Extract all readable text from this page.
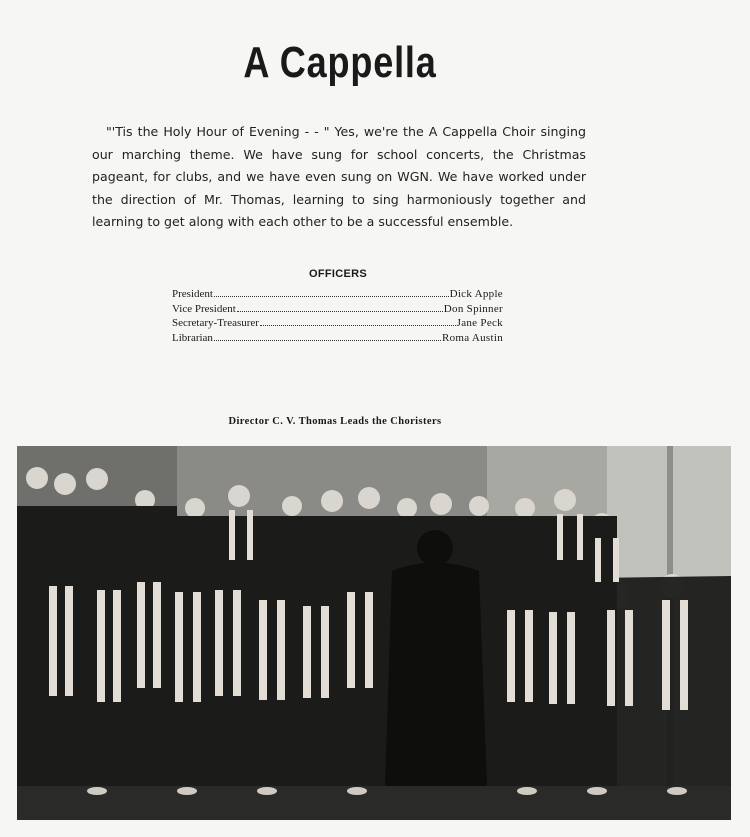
A Cappella
"'Tis the Holy Hour of Evening - - " Yes, we're the A Cappella Choir singing our marching theme. We have sung for school concerts, the Christmas pageant, for clubs, and we have even sung on WGN. We have worked under the direction of Mr. Thomas, learning to sing harmoniously together and learning to get along with each other to be a successful ensemble.
OFFICERS
President	Dick Apple
Vice President	Don Spinner
Secretary-Treasurer	Jane Peck
Librarian	Roma Austin
Director C. V. Thomas Leads the Choristers
